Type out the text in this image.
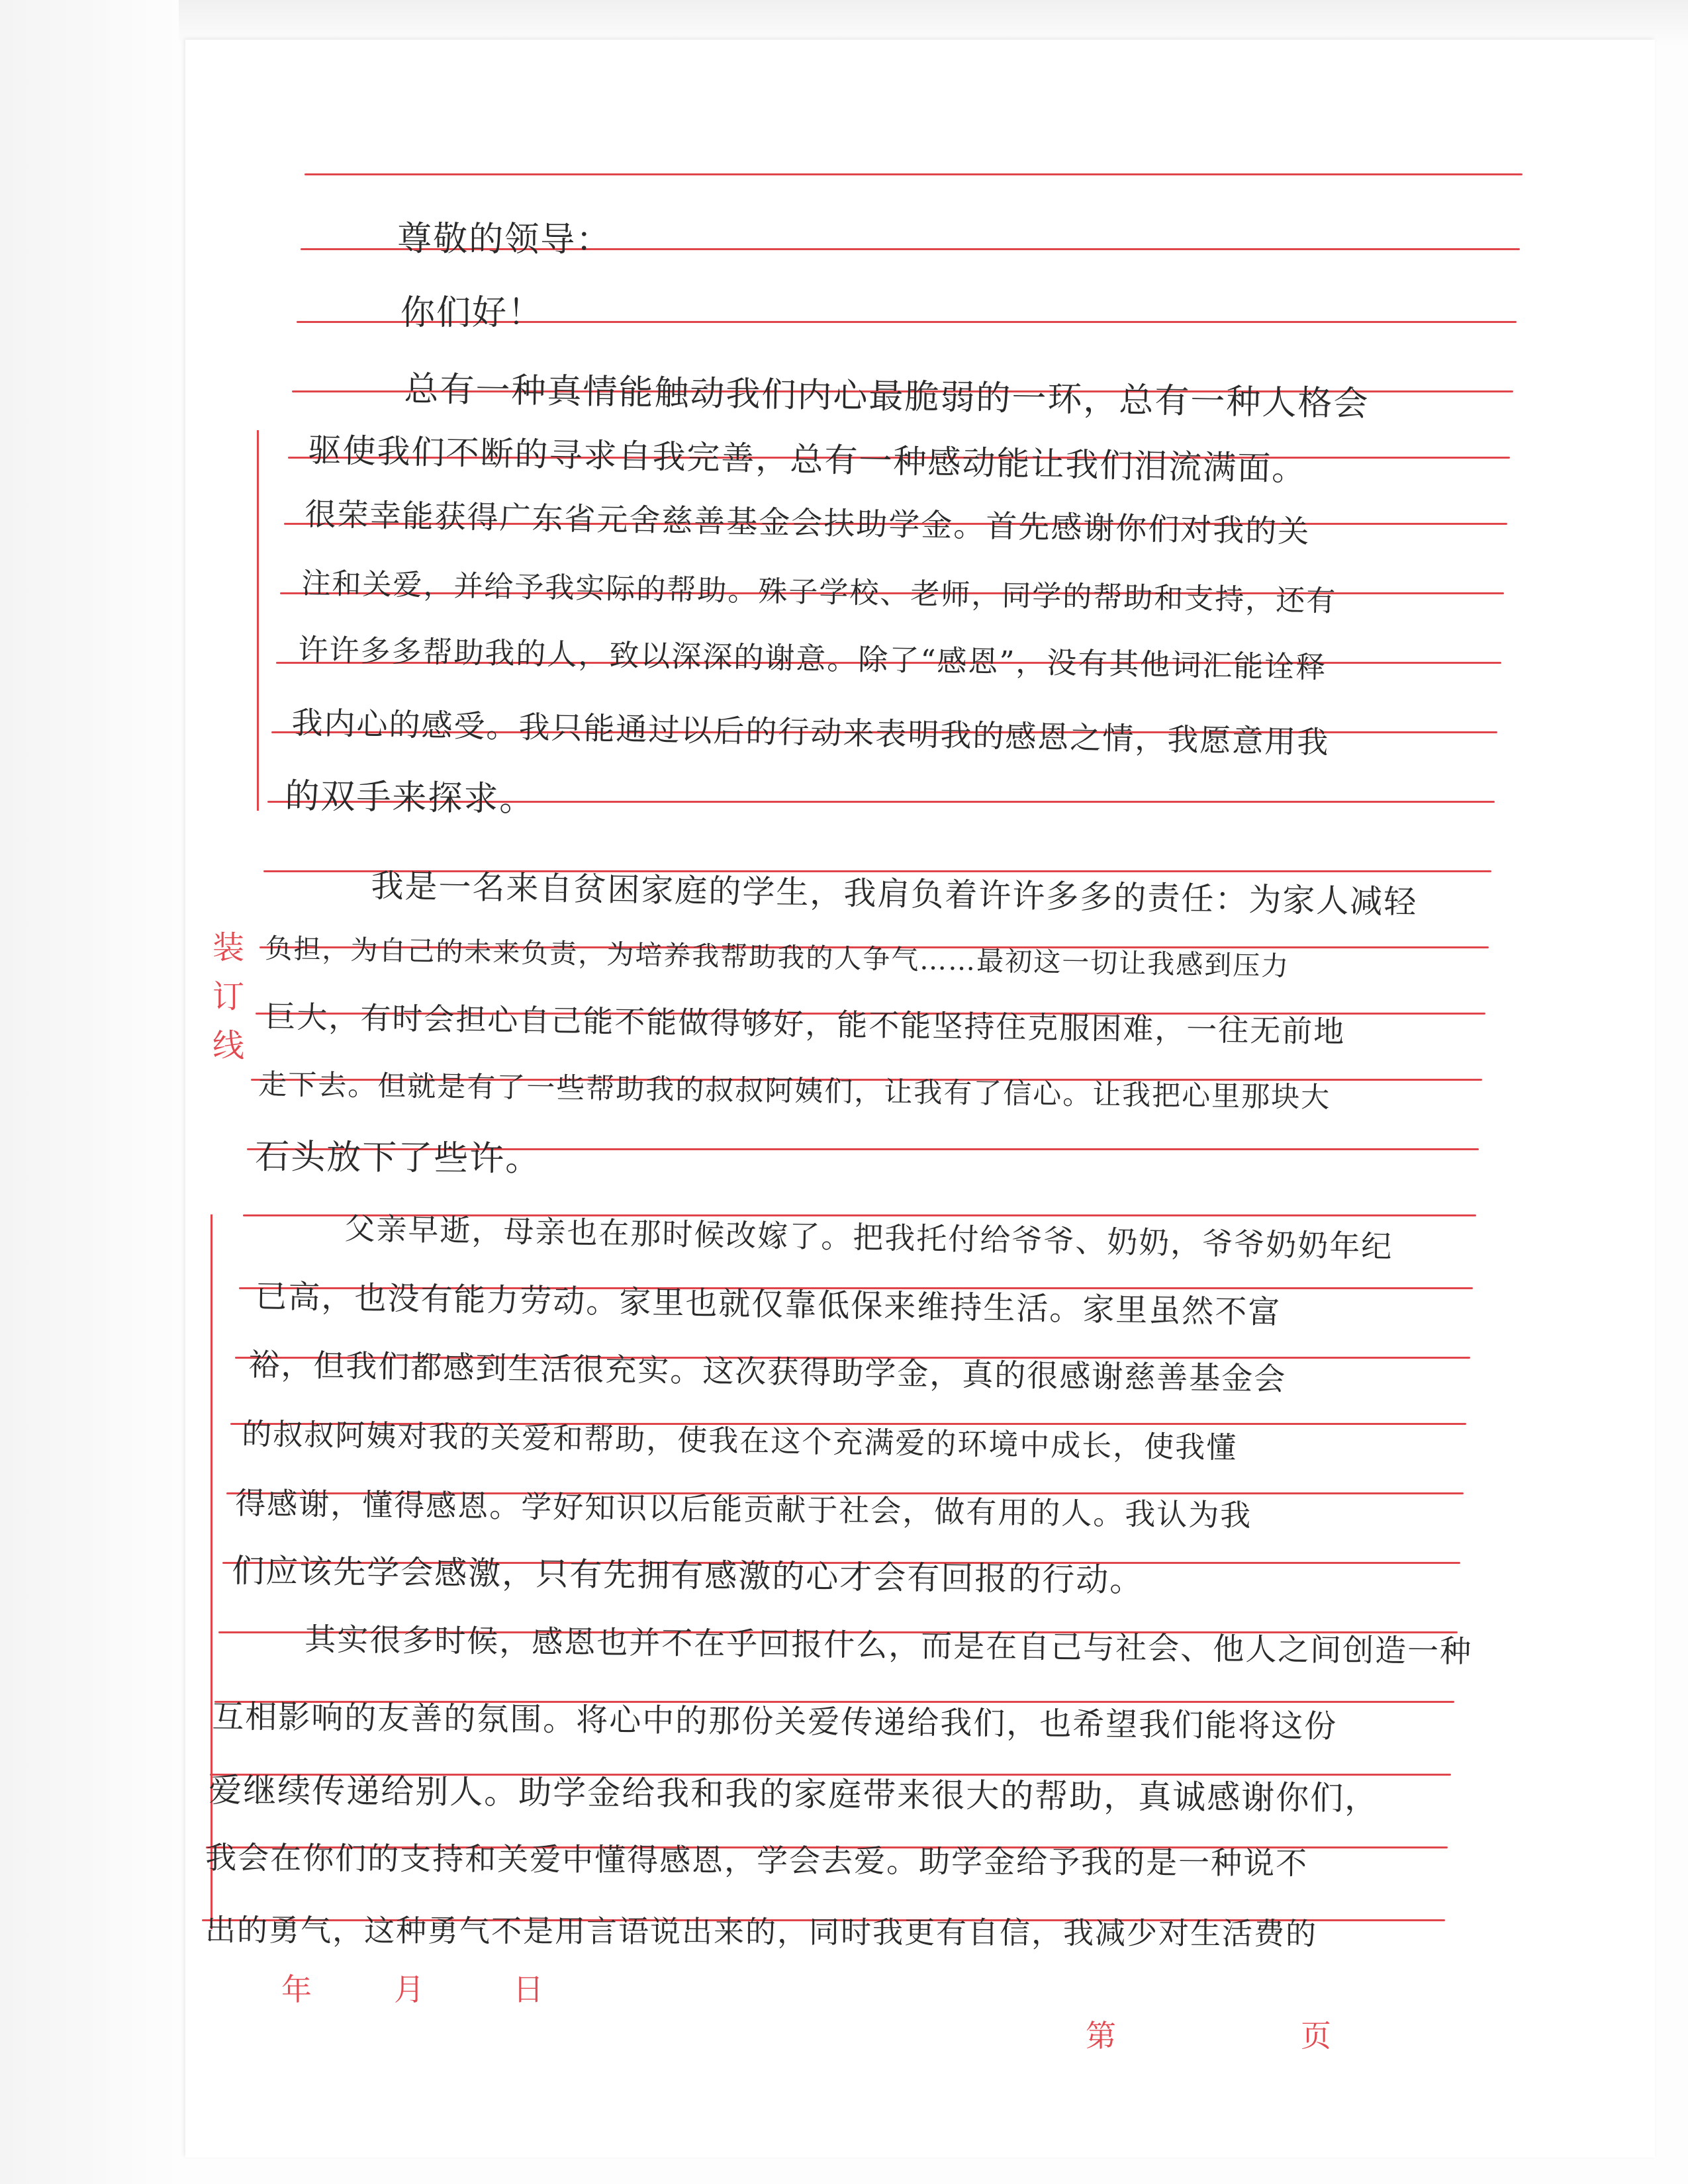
装
订
线
尊敬的领导：
你们好！
总有一种真情能触动我们内心最脆弱的一环，总有一种人格会
驱使我们不断的寻求自我完善，总有一种感动能让我们泪流满面。
很荣幸能获得广东省元舍慈善基金会扶助学金。首先感谢你们对我的关
注和关爱，并给予我实际的帮助。殊子学校、老师，同学的帮助和支持，还有
许许多多帮助我的人，致以深深的谢意。除了“感恩”，没有其他词汇能诠释
我内心的感受。我只能通过以后的行动来表明我的感恩之情，我愿意用我
的双手来探求。
我是一名来自贫困家庭的学生，我肩负着许许多多的责任：为家人减轻
负担，为自己的未来负责，为培养我帮助我的人争气……最初这一切让我感到压力
巨大，有时会担心自己能不能做得够好，能不能坚持住克服困难，一往无前地
走下去。但就是有了一些帮助我的叔叔阿姨们，让我有了信心。让我把心里那块大
石头放下了些许。
父亲早逝，母亲也在那时候改嫁了。把我托付给爷爷、奶奶，爷爷奶奶年纪
已高，也没有能力劳动。家里也就仅靠低保来维持生活。家里虽然不富
裕，但我们都感到生活很充实。这次获得助学金，真的很感谢慈善基金会
的叔叔阿姨对我的关爱和帮助，使我在这个充满爱的环境中成长，使我懂
得感谢，懂得感恩。学好知识以后能贡献于社会，做有用的人。我认为我
们应该先学会感激，只有先拥有感激的心才会有回报的行动。
其实很多时候，感恩也并不在乎回报什么，而是在自己与社会、他人之间创造一种
互相影响的友善的氛围。将心中的那份关爱传递给我们，也希望我们能将这份
爱继续传递给别人。助学金给我和我的家庭带来很大的帮助，真诚感谢你们，
我会在你们的支持和关爱中懂得感恩，学会去爱。助学金给予我的是一种说不
出的勇气，这种勇气不是用言语说出来的，同时我更有自信，我减少对生活费的
年	月	日
第	页
